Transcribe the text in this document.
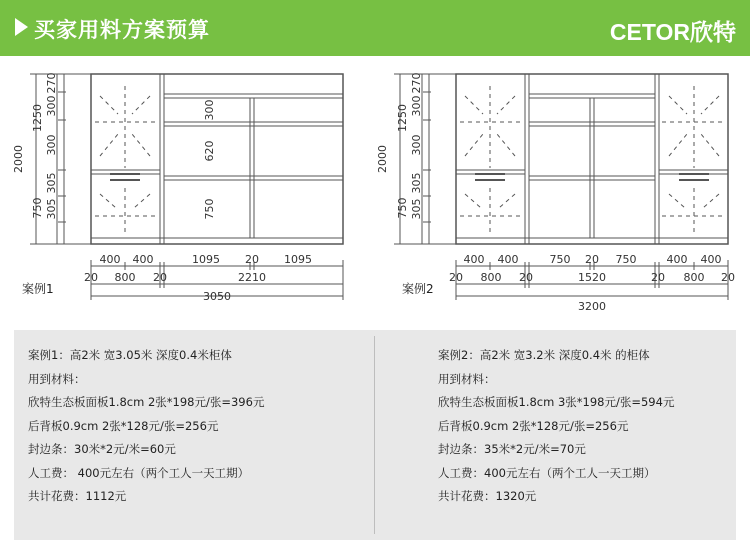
买家用料方案预算	CETOR欣特
案例1
2000
1250
750
270
300
300
305
305
300
620
750
400 400	1095 20 1095
20 800 20	2210
3050
案例2
2000
1250
750
270
300
300
305
305
400 400	750 20 750	400 400
20 800 20	1520	20 800 20
3200
案例1：高2米 宽3.05米 深度0.4米柜体
用到材料：
欣特生态板面板1.8cm 2张*198元/张=396元
后背板0.9cm 2张*128元/张=256元
封边条：30米*2元/米=60元
人工费： 400元左右（两个工人一天工期）
共计花费：1112元
案例2：高2米 宽3.2米 深度0.4米 的柜体
用到材料：
欣特生态板面板1.8cm 3张*198元/张=594元
后背板0.9cm 2张*128元/张=256元
封边条：35米*2元/米=70元
人工费：400元左右（两个工人一天工期）
共计花费：1320元
